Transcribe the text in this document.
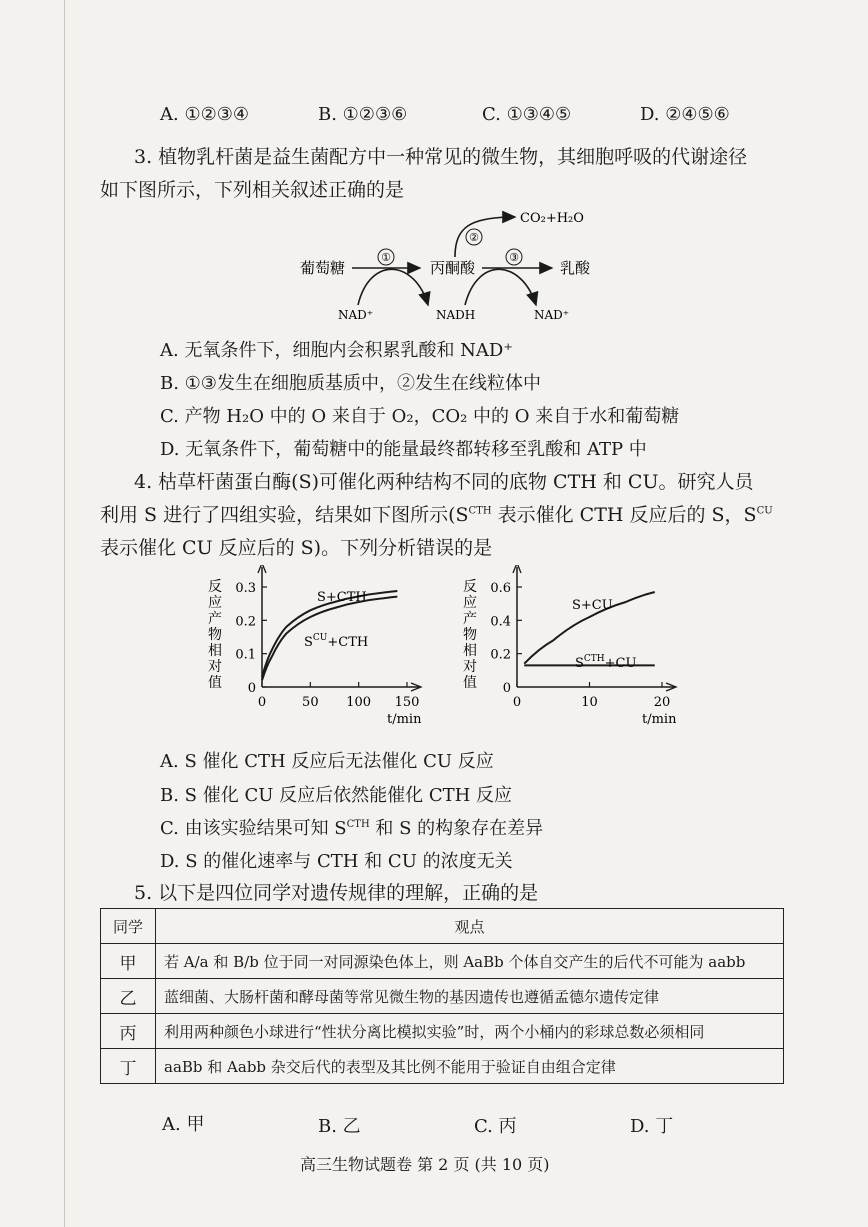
A. ①②③④	B. ①②③⑥	C. ①③④⑤	D. ②④⑤⑥
3. 植物乳杆菌是益生菌配方中一种常见的微生物，其细胞呼吸的代谢途径
如下图所示，下列相关叙述正确的是
葡萄糖
①
丙酮酸
②
CO₂+H₂O
③
乳酸
NAD⁺	NADH	NAD⁺
A. 无氧条件下，细胞内会积累乳酸和 NAD⁺
B. ①③发生在细胞质基质中，②发生在线粒体中
C. 产物 H₂O 中的 O 来自于 O₂，CO₂ 中的 O 来自于水和葡萄糖
D. 无氧条件下，葡萄糖中的能量最终都转移至乳酸和 ATP 中
4. 枯草杆菌蛋白酶(S)可催化两种结构不同的底物 CTH 和 CU。研究人员
利用 S 进行了四组实验，结果如下图所示($S^{CTH}$ 表示催化 CTH 反应后的 S，$S^{CU}$
表示催化 CU 反应后的 S)。下列分析错误的是
反
应
产
物
相
对
值 0
0.1
0.2
0.3
0	50 100 150
t/min
S+CTH
$S^{CU}+CTH$
反
应
产
物
相
对
值
0.2
0.4
0.6
0
0	10	20
t/min
S+CU
$S^{CTH}+CU$
A. S 催化 CTH 反应后无法催化 CU 反应
B. S 催化 CU 反应后依然能催化 CTH 反应
C. 由该实验结果可知 $S^{CTH}$ 和 S 的构象存在差异
D. S 的催化速率与 CTH 和 CU 的浓度无关
5. 以下是四位同学对遗传规律的理解，正确的是
同学	观点
甲	若 A/a 和 B/b 位于同一对同源染色体上，则 AaBb 个体自交产生的后代不可能为 aabb
乙	蓝细菌、大肠杆菌和酵母菌等常见微生物的基因遗传也遵循孟德尔遗传定律
丙	利用两种颜色小球进行“性状分离比模拟实验”时，两个小桶内的彩球总数必须相同
丁	aaBb 和 Aabb 杂交后代的表型及其比例不能用于验证自由组合定律
A. 甲	B. 乙	C. 丙	D. 丁
高三生物试题卷 第 2 页 (共 10 页)
